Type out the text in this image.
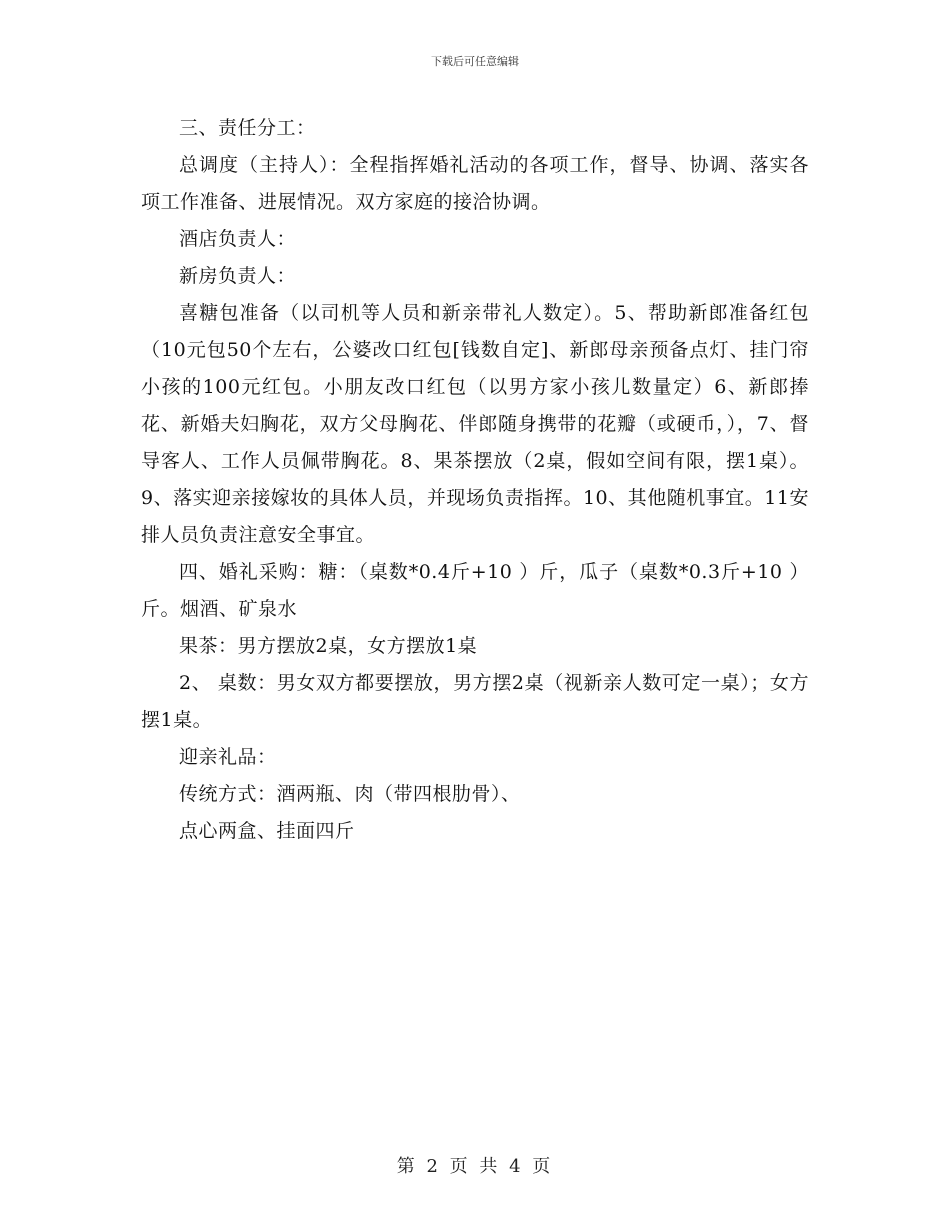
下载后可任意编辑

三、责任分工：

总调度（主持人）：全程指挥婚礼活动的各项工作，督导、协调、落实各项工作准备、进展情况。双方家庭的接洽协调。

酒店负责人：

新房负责人：

喜糖包准备（以司机等人员和新亲带礼人数定）。5、帮助新郎准备红包（10元包50个左右，公婆改口红包[钱数自定]、新郎母亲预备点灯、挂门帘小孩的100元红包。小朋友改口红包（以男方家小孩儿数量定）6、新郎捧花、新婚夫妇胸花，双方父母胸花、伴郎随身携带的花瓣（或硬币，），7、督导客人、工作人员佩带胸花。8、果茶摆放（2桌，假如空间有限，摆1桌）。9、落实迎亲接嫁妆的具体人员，并现场负责指挥。10、其他随机事宜。11安排人员负责注意安全事宜。

四、婚礼采购：糖：（桌数*0.4斤+10 ）斤，瓜子（桌数*0.3斤+10 ）斤。烟酒、矿泉水

果茶：男方摆放2桌，女方摆放1桌

2、 桌数：男女双方都要摆放，男方摆2桌（视新亲人数可定一桌）；女方摆1桌。

迎亲礼品：

传统方式：酒两瓶、肉（带四根肋骨）、

点心两盒、挂面四斤

第 2 页 共 4 页
